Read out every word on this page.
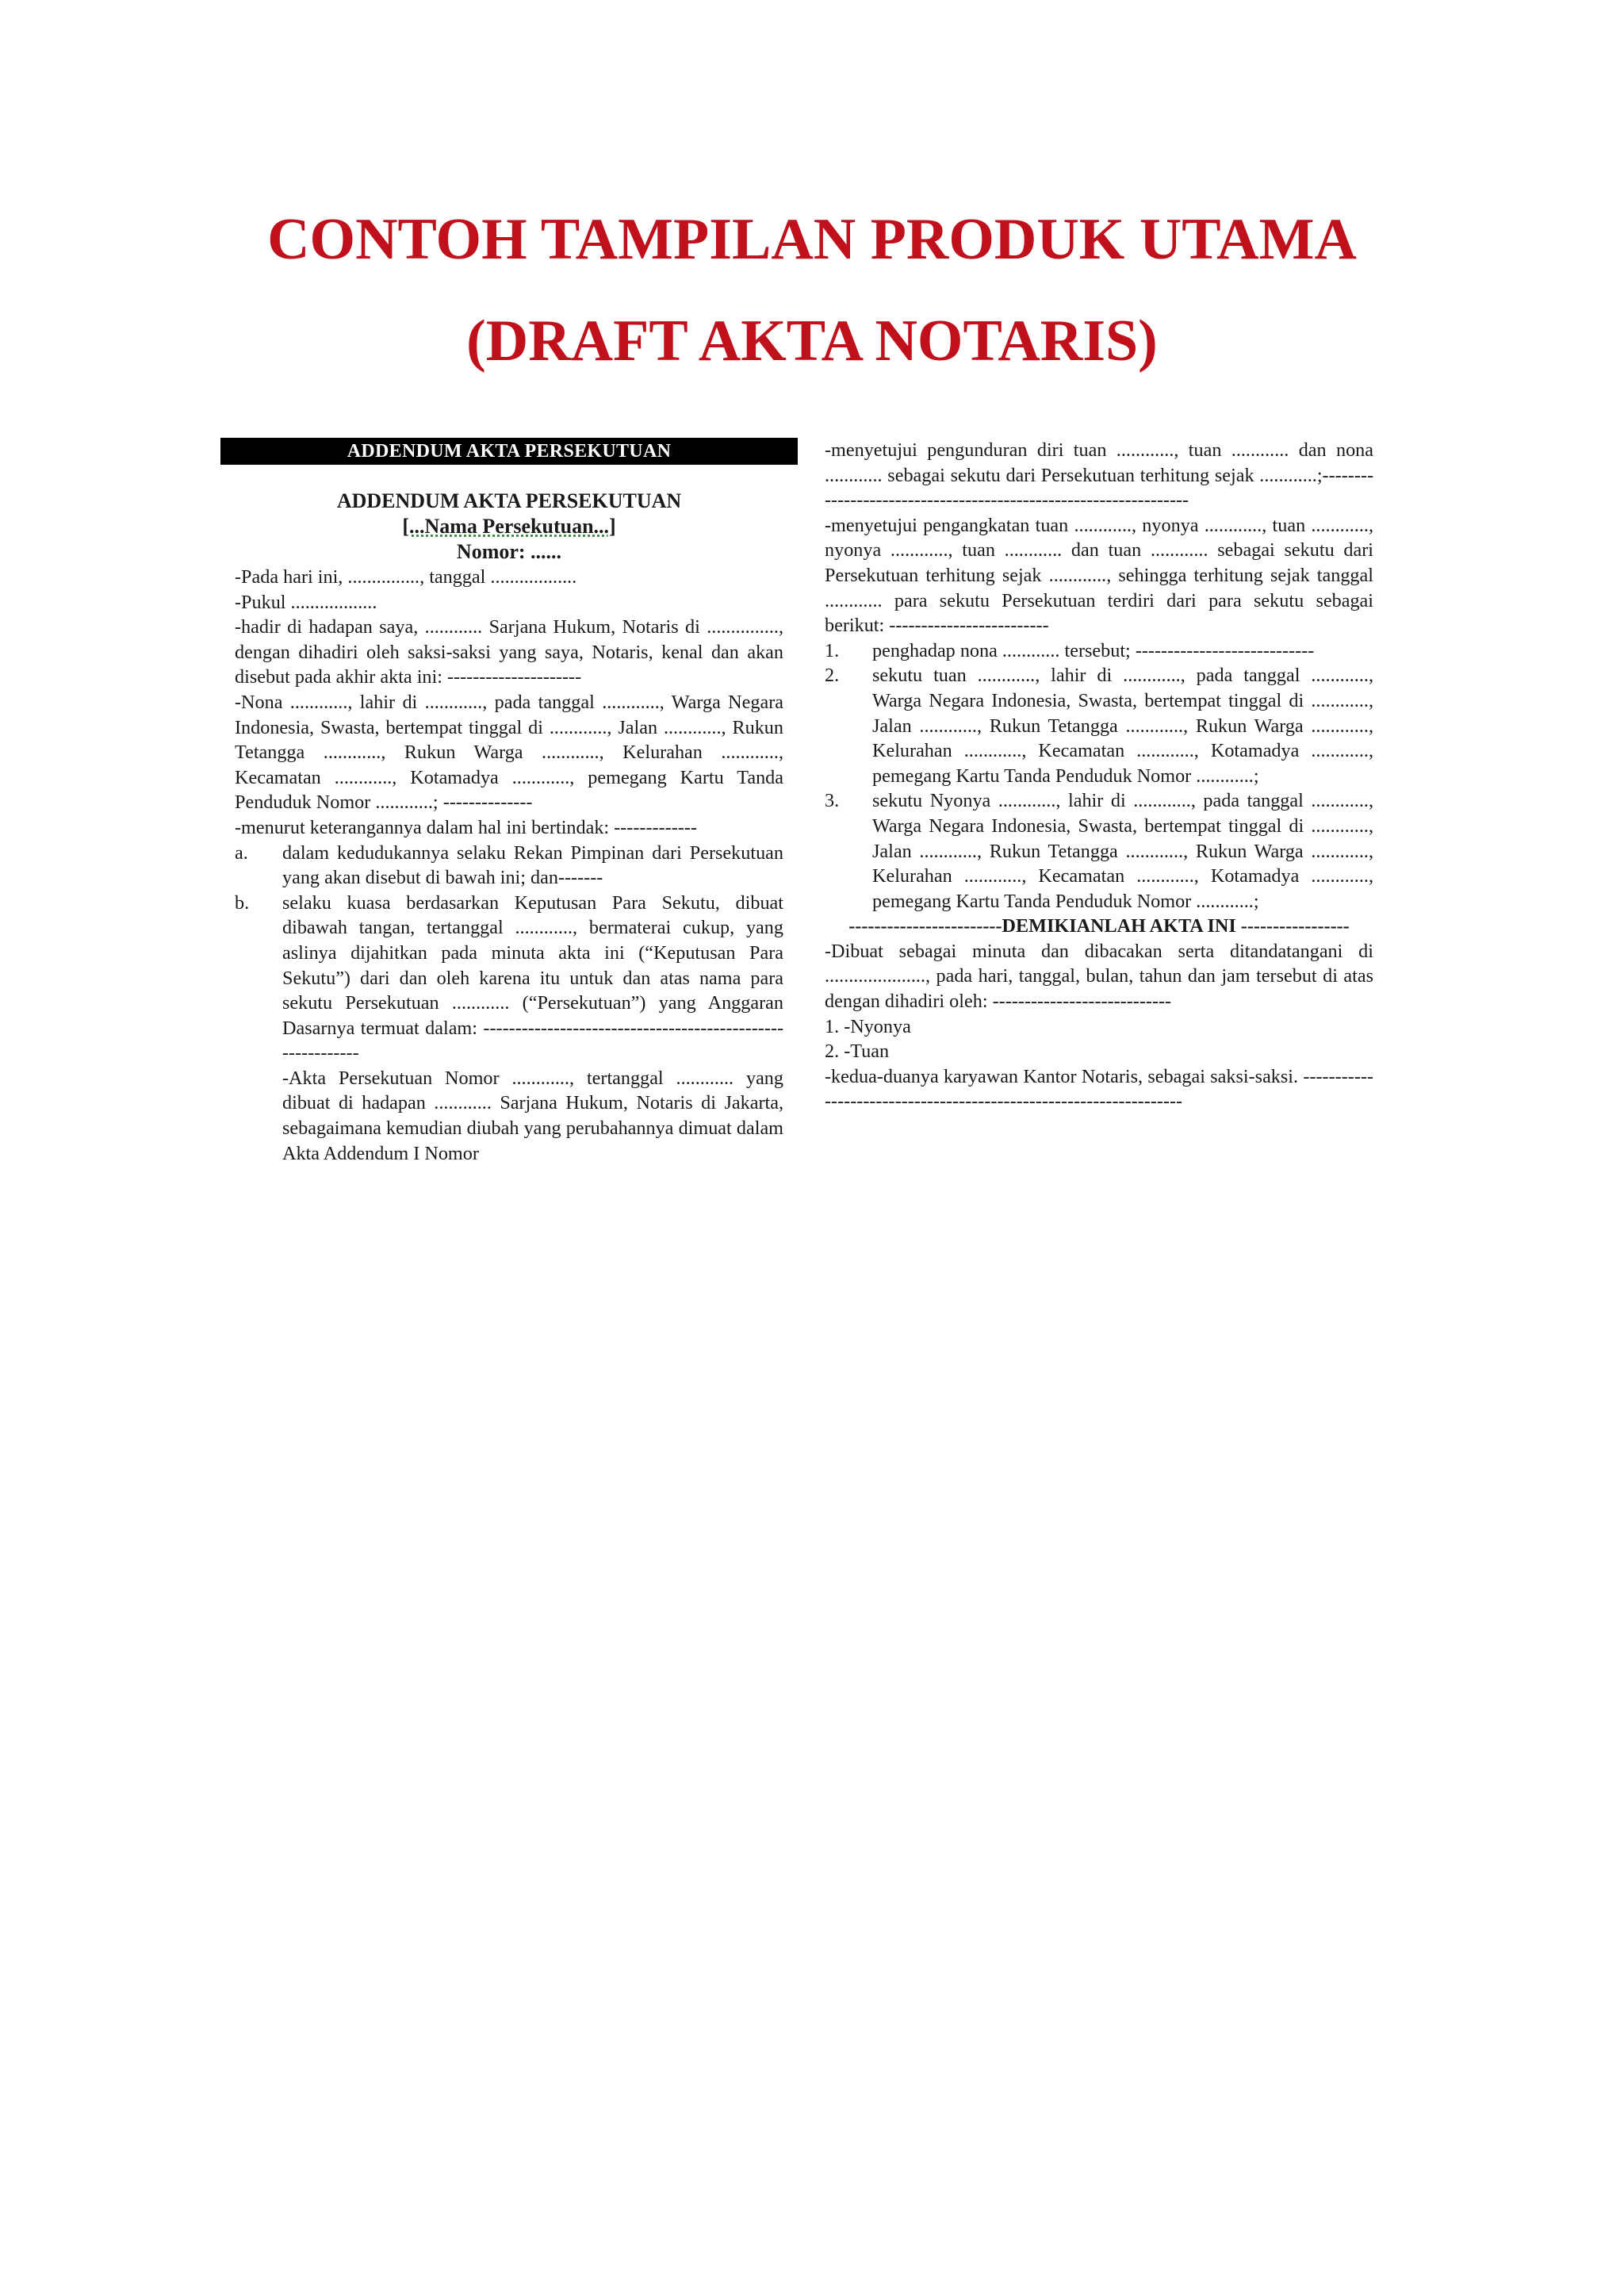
CONTOH TAMPILAN PRODUK UTAMA
(DRAFT AKTA NOTARIS)
ADDENDUM AKTA PERSEKUTUAN
ADDENDUM AKTA PERSEKUTUAN
[...Nama Persekutuan...]
Nomor: ......

-Pada hari ini, ..............., tanggal ..................

-Pukul ..................

-hadir di hadapan saya, ............ Sarjana Hukum, Notaris di ..............., dengan dihadiri oleh saksi-saksi yang saya, Notaris, kenal dan akan disebut pada akhir akta ini: ---------------------

-Nona ............, lahir di ............, pada tanggal ............, Warga Negara Indonesia, Swasta, bertempat tinggal di ............, Jalan ............, Rukun Tetangga ............, Rukun Warga ............, Kelurahan ............, Kecamatan ............, Kotamadya ............, pemegang Kartu Tanda Penduduk Nomor ............; --------------

-menurut keterangannya dalam hal ini bertindak: -------------

a.	dalam kedudukannya selaku Rekan Pimpinan dari Persekutuan yang akan disebut di bawah ini; dan-------
b.	selaku kuasa berdasarkan Keputusan Para Sekutu, dibuat dibawah tangan, tertanggal ............, bermaterai cukup, yang aslinya dijahitkan pada minuta akta ini (“Keputusan Para Sekutu”) dari dan oleh karena itu untuk dan atas nama para sekutu Persekutuan ............ (“Persekutuan”) yang Anggaran Dasarnya termuat dalam: -----------------------------------------------------------

-Akta Persekutuan Nomor ............, tertanggal ............ yang dibuat di hadapan ............ Sarjana Hukum, Notaris di Jakarta, sebagaimana kemudian diubah yang perubahannya dimuat dalam Akta Addendum I Nomor

-menyetujui pengunduran diri tuan ............, tuan ............ dan nona ............ sebagai sekutu dari Persekutuan terhitung sejak ............;-----------------------------------------------------------------

-menyetujui pengangkatan tuan ............, nyonya ............, tuan ............, nyonya ............, tuan ............ dan tuan ............ sebagai sekutu dari Persekutuan terhitung sejak ............, sehingga terhitung sejak tanggal ............ para sekutu Persekutuan terdiri dari para sekutu sebagai berikut: -------------------------

1.	penghadap nona ............ tersebut; ----------------------------
2.	sekutu tuan ............, lahir di ............, pada tanggal ............, Warga Negara Indonesia, Swasta, bertempat tinggal di ............, Jalan ............, Rukun Tetangga ............, Rukun Warga ............, Kelurahan ............, Kecamatan ............, Kotamadya ............, pemegang Kartu Tanda Penduduk Nomor ............;
3.	sekutu Nyonya ............, lahir di ............, pada tanggal ............, Warga Negara Indonesia, Swasta, bertempat tinggal di ............, Jalan ............, Rukun Tetangga ............, Rukun Warga ............, Kelurahan ............, Kecamatan ............, Kotamadya ............, pemegang Kartu Tanda Penduduk Nomor ............;
------------------------DEMIKIANLAH AKTA INI -----------------

-Dibuat sebagai minuta dan dibacakan serta ditandatangani di ....................., pada hari, tanggal, bulan, tahun dan jam tersebut di atas dengan dihadiri oleh: ----------------------------

1. -Nyonya

2. -Tuan

-kedua-duanya karyawan Kantor Notaris, sebagai saksi-saksi. -------------------------------------------------------------------
